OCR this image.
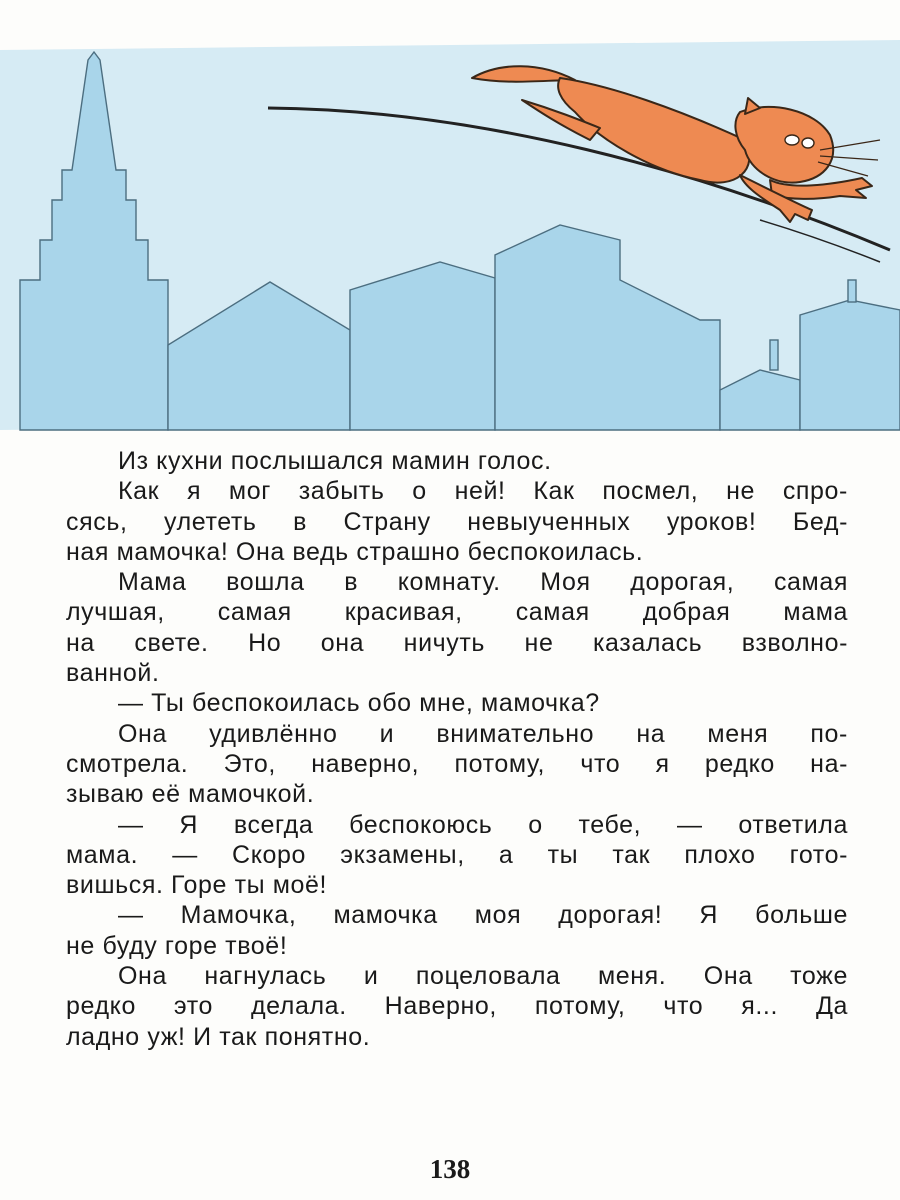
Из кухни послышался мамин голос.
Как я мог забыть о ней! Как посмел, не спро-
сясь, улететь в Страну невыученных уроков! Бед-
ная мамочка! Она ведь страшно беспокоилась.
Мама вошла в комнату. Моя дорогая, самая
лучшая, самая красивая, самая добрая мама
на свете. Но она ничуть не казалась взволно-
ванной.
— Ты беспокоилась обо мне, мамочка?
Она удивлённо и внимательно на меня по-
смотрела. Это, наверно, потому, что я редко на-
зываю её мамочкой.
— Я всегда беспокоюсь о тебе, — ответила
мама. — Скоро экзамены, а ты так плохо гото-
вишься. Горе ты моё!
— Мамочка, мамочка моя дорогая! Я больше
не буду горе твоё!
Она нагнулась и поцеловала меня. Она тоже
редко это делала. Наверно, потому, что я... Да
ладно уж! И так понятно.
138
